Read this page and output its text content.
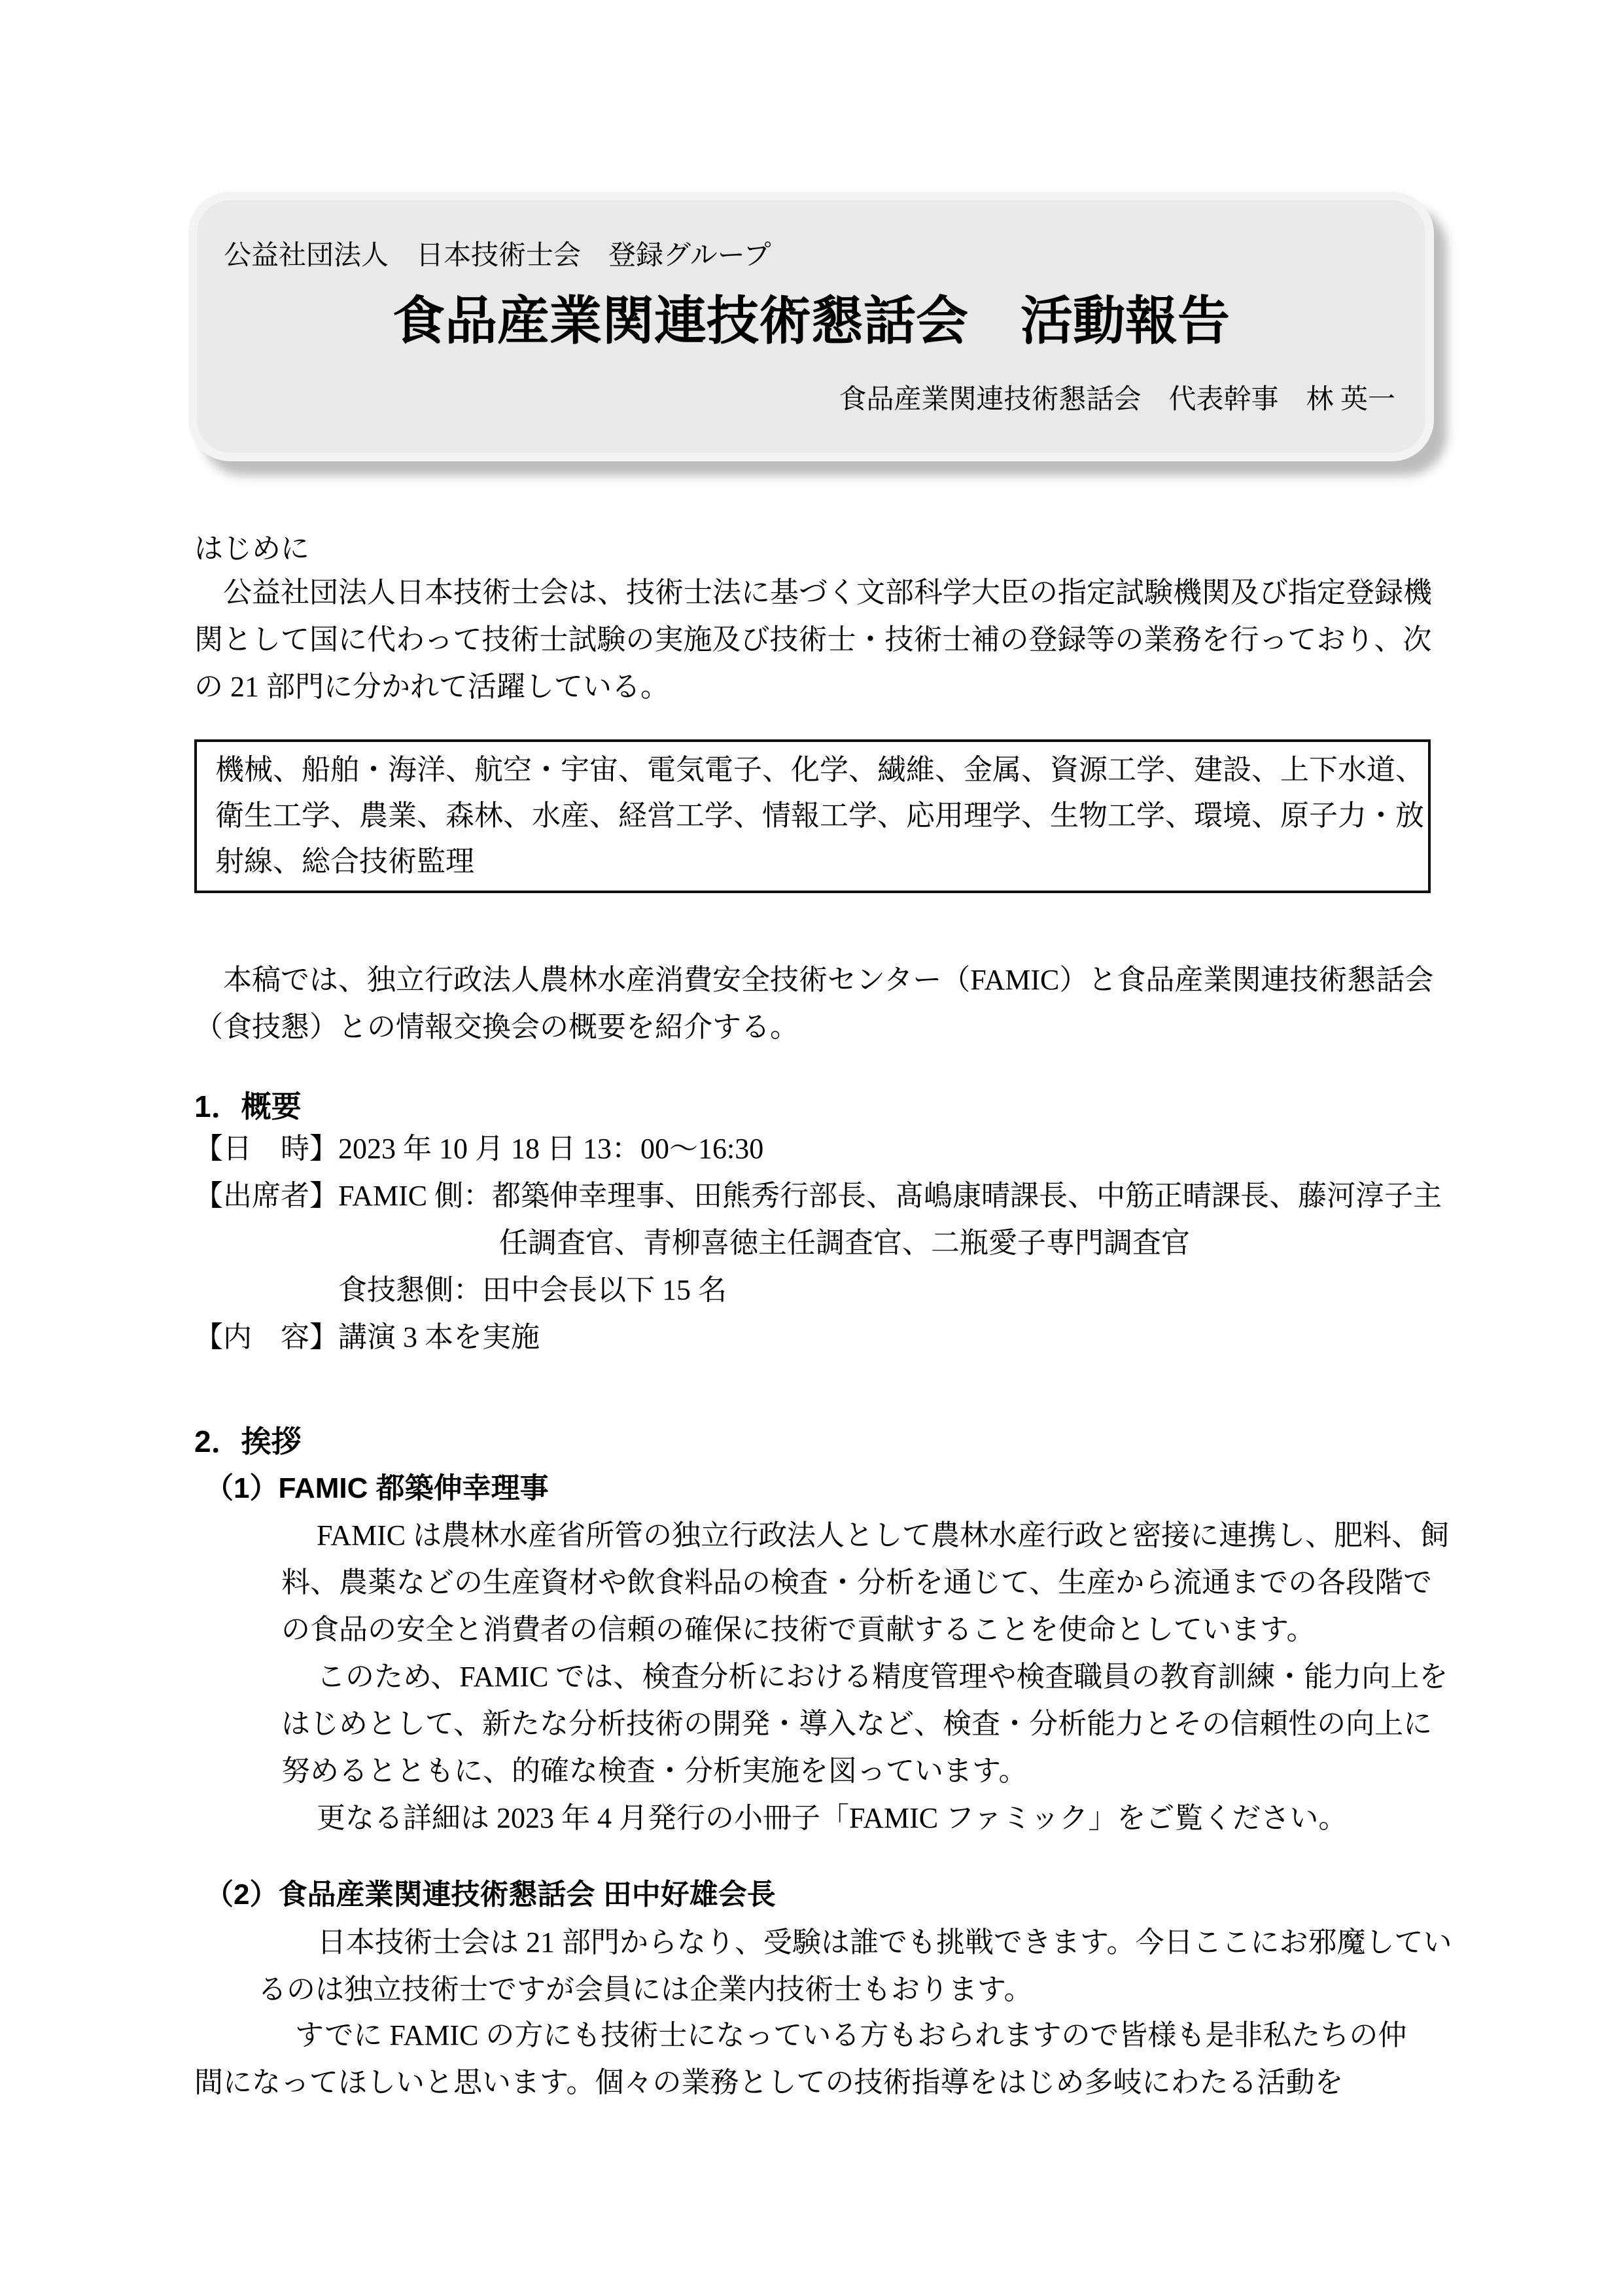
公益社団法人　日本技術士会　登録グループ
食品産業関連技術懇話会　活動報告
食品産業関連技術懇話会　代表幹事　林 英一
はじめに
　公益社団法人日本技術士会は、技術士法に基づく文部科学大臣の指定試験機関及び指定登録機
関として国に代わって技術士試験の実施及び技術士・技術士補の登録等の業務を行っており、次
の 21 部門に分かれて活躍している。
機械、船舶・海洋、航空・宇宙、電気電子、化学、繊維、金属、資源工学、建設、上下水道、
衛生工学、農業、森林、水産、経営工学、情報工学、応用理学、生物工学、環境、原子力・放
射線、総合技術監理
　本稿では、独立行政法人農林水産消費安全技術センター（FAMIC）と食品産業関連技術懇話会
（食技懇）との情報交換会の概要を紹介する。
1．概要
【日　時】2023 年 10 月 18 日 13：00～16:30
【出席者】FAMIC 側：都築伸幸理事、田熊秀行部長、髙嶋康晴課長、中筋正晴課長、藤河淳子主
任調査官、青柳喜徳主任調査官、二瓶愛子専門調査官
食技懇側：田中会長以下 15 名
【内　容】講演 3 本を実施
2．挨拶
（1）FAMIC 都築伸幸理事
　FAMIC は農林水産省所管の独立行政法人として農林水産行政と密接に連携し、肥料、飼
料、農薬などの生産資材や飲食料品の検査・分析を通じて、生産から流通までの各段階で
の食品の安全と消費者の信頼の確保に技術で貢献することを使命としています。
　このため、FAMIC では、検査分析における精度管理や検査職員の教育訓練・能力向上を
はじめとして、新たな分析技術の開発・導入など、検査・分析能力とその信頼性の向上に
努めるとともに、的確な検査・分析実施を図っています。
　更なる詳細は 2023 年 4 月発行の小冊子「FAMIC ファミック」をご覧ください。
（2）食品産業関連技術懇話会 田中好雄会長
　日本技術士会は 21 部門からなり、受験は誰でも挑戦できます。今日ここにお邪魔してい
るのは独立技術士ですが会員には企業内技術士もおります。
　すでに FAMIC の方にも技術士になっている方もおられますので皆様も是非私たちの仲
間になってほしいと思います。個々の業務としての技術指導をはじめ多岐にわたる活動を
